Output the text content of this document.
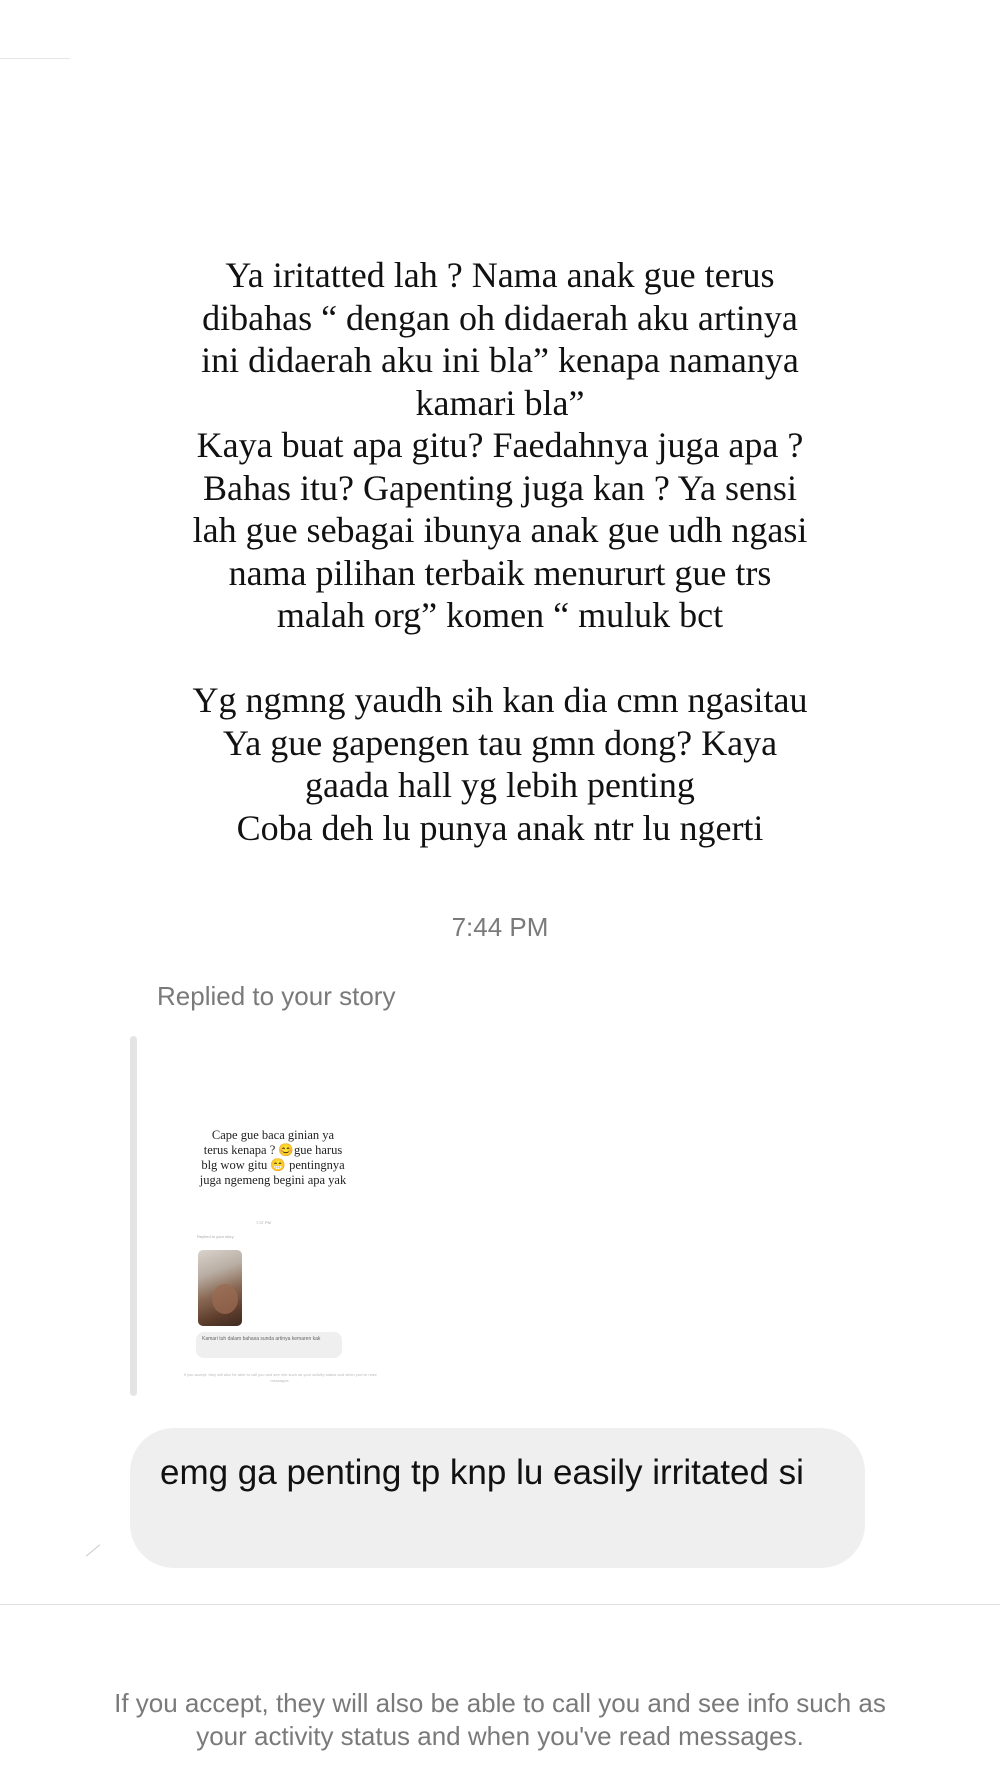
Ya iritatted lah ? Nama anak gue terus
dibahas “ dengan oh didaerah aku artinya
ini didaerah aku ini bla” kenapa namanya
kamari bla”
Kaya buat apa gitu? Faedahnya juga apa ?
Bahas itu? Gapenting juga kan ? Ya sensi
lah gue sebagai ibunya anak gue udh ngasi
nama pilihan terbaik menururt gue trs
malah org” komen “ muluk bct

Yg ngmng yaudh sih kan dia cmn ngasitau
Ya gue gapengen tau gmn dong? Kaya
gaada hall yg lebih penting
Coba deh lu punya anak ntr lu ngerti
7:44 PM
Replied to your story
Cape gue baca ginian ya
terus kenapa ? 😊gue harus
blg wow gitu 😁 pentingnya
juga ngemeng begini apa yak
7:37 PM
Replied to your story
Kamari tuh dalam bahasa sunda artinya kemaren kak
If you accept, they will also be able to call you and see info such as your activity status and when you've read messages.
emg ga penting tp knp lu easily irritated si
If you accept, they will also be able to call you and see info such as
your activity status and when you've read messages.
